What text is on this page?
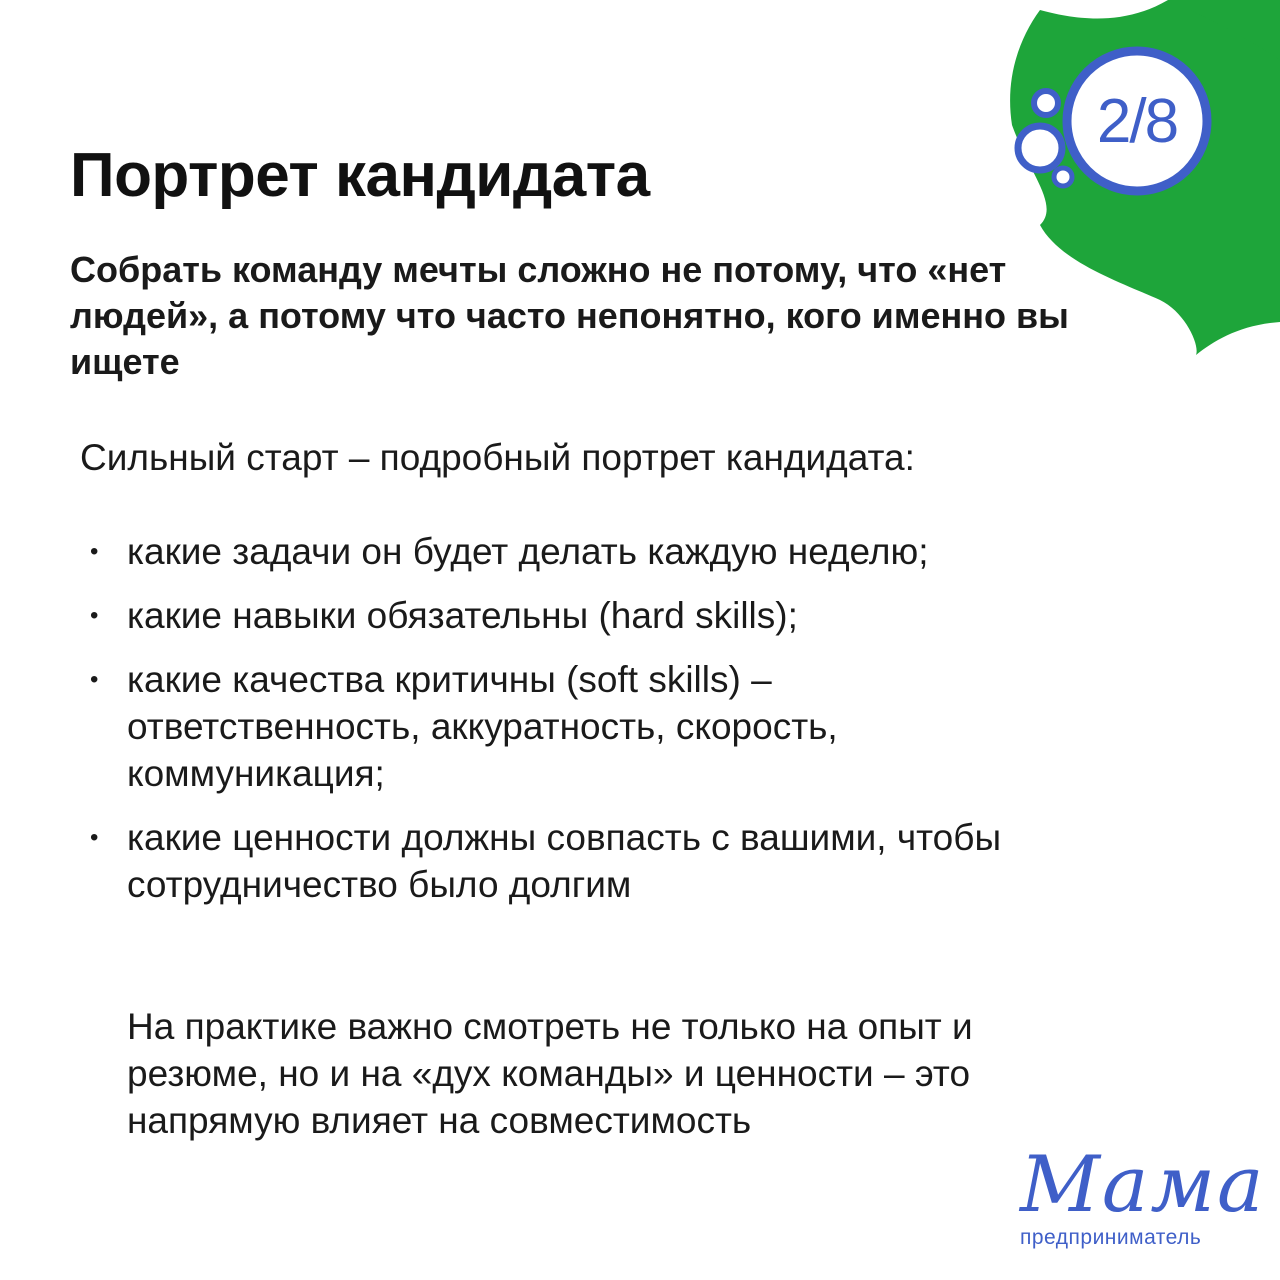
2/8
Портрет кандидата

Собрать команду мечты сложно не потому, что «нет людей», а потому что часто непонятно, кого именно вы ищете

Сильный старт – подробный портрет кандидата:

• какие задачи он будет делать каждую неделю;
• какие навыки обязательны (hard skills);
• какие качества критичны (soft skills) – ответственность, аккуратность, скорость, коммуникация;
• какие ценности должны совпасть с вашими, чтобы сотрудничество было долгим

На практике важно смотреть не только на опыт и резюме, но и на «дух команды» и ценности – это напрямую влияет на совместимость

Мама
предприниматель
